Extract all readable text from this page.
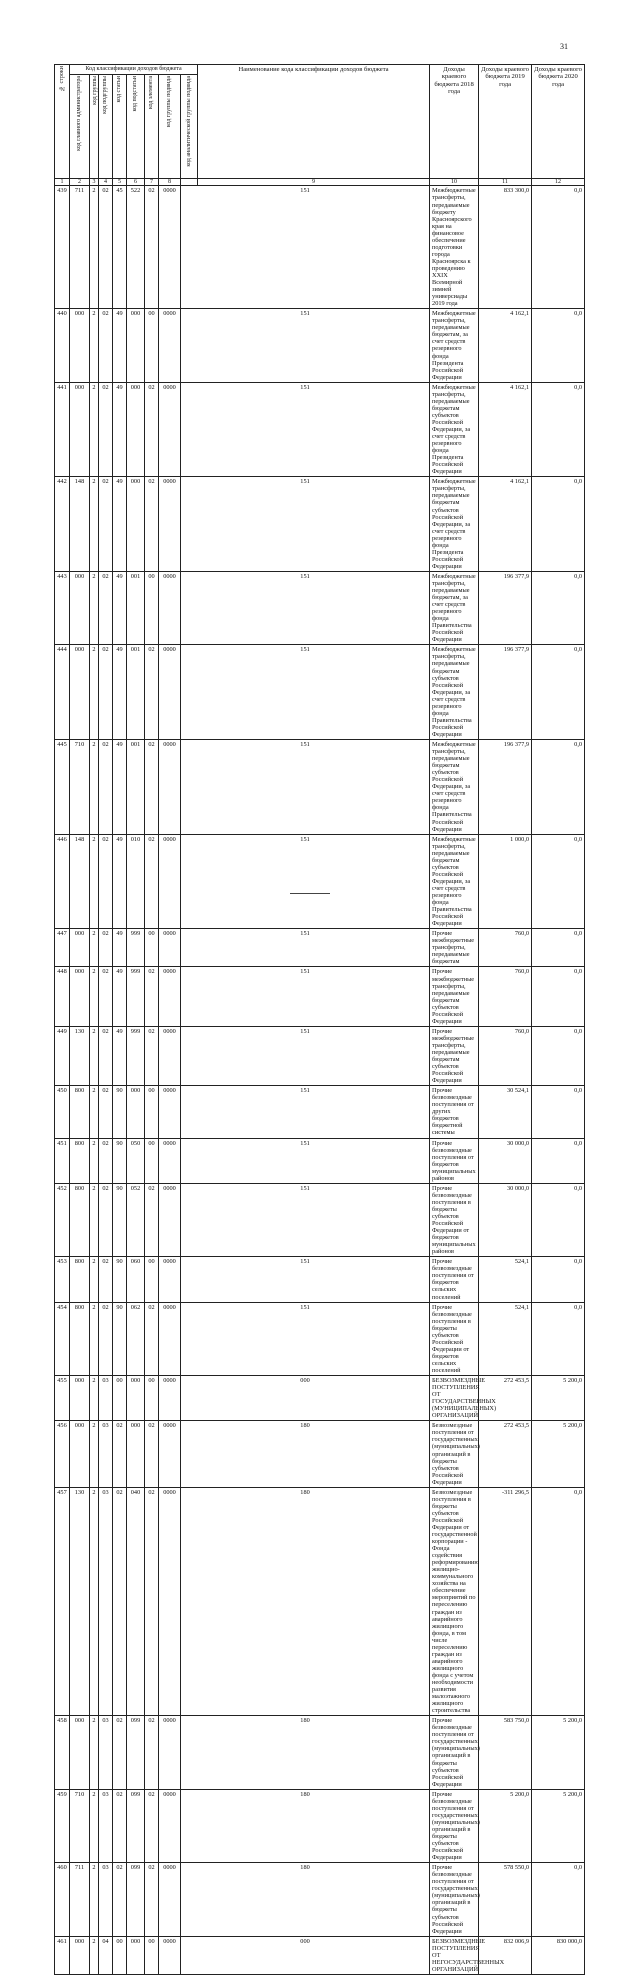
31
№ строки	Код классификации доходов бюджета								Наименование кода классификации доходов бюджета	Доходы краевого бюджета 2018 года	Доходы краевого бюджета 2019 года	Доходы краевого бюджета 2020 года	

	код главного администратора	код группы	код подгруппы	код статьи	код подстатьи	код элемента	код группы подвида	код аналитической группы подвида					

1	2	3	4	5	6	7	8		9	10	11	12	
439	711	2	02	45	522	02	0000	151		Межбюджетные трансферты, передаваемые бюджету Красноярского края на финансовое обеспечение подготовки города Красноярска к проведению XXIX Всемирной зимней универсиады 2019 года	833 300,0	0,0	
440	000	2	02	49	000	00	0000	151		Межбюджетные трансферты, передаваемые бюджетам, за счет средств резервного фонда Президента Российской Федерации	4 162,1	0,0	
441	000	2	02	49	000	02	0000	151		Межбюджетные трансферты, передаваемые бюджетам субъектов Российской Федерации, за счет средств резервного фонда Президента Российской Федерации	4 162,1	0,0	
442	148	2	02	49	000	02	0000	151		Межбюджетные трансферты, передаваемые бюджетам субъектов Российской Федерации, за счет средств резервного фонда Президента Российской Федерации	4 162,1	0,0	
443	000	2	02	49	001	00	0000	151		Межбюджетные трансферты, передаваемые бюджетам, за счет средств резервного фонда Правительства Российской Федерации	196 377,9	0,0	
444	000	2	02	49	001	02	0000	151		Межбюджетные трансферты, передаваемые бюджетам субъектов Российской Федерации, за счет средств резервного фонда Правительства Российской Федерации	196 377,9	0,0	
445	710	2	02	49	001	02	0000	151		Межбюджетные трансферты, передаваемые бюджетам субъектов Российской Федерации, за счет средств резервного фонда Правительства Российской Федерации	196 377,9	0,0	
446	148	2	02	49	010	02	0000	151		Межбюджетные трансферты, передаваемые бюджетам субъектов Российской Федерации, за счет средств резервного фонда Правительства Российской Федерации	1 000,0	0,0	
447	000	2	02	49	999	00	0000	151		Прочие межбюджетные трансферты, передаваемые бюджетам	760,0	0,0	
448	000	2	02	49	999	02	0000	151		Прочие межбюджетные трансферты, передаваемые бюджетам субъектов Российской Федерации	760,0	0,0	
449	130	2	02	49	999	02	0000	151		Прочие межбюджетные трансферты, передаваемые бюджетам субъектов Российской Федерации	760,0	0,0	
450	800	2	02	90	000	00	0000	151		Прочие безвозмездные поступления от других бюджетов бюджетной системы	30 524,1	0,0	
451	800	2	02	90	050	00	0000	151		Прочие безвозмездные поступления от бюджетов муниципальных районов	30 000,0	0,0	
452	800	2	02	90	052	02	0000	151		Прочие безвозмездные поступления в бюджеты субъектов Российской Федерации от бюджетов муниципальных районов	30 000,0	0,0	
453	800	2	02	90	060	00	0000	151		Прочие безвозмездные поступления от бюджетов сельских поселений	524,1	0,0	
454	800	2	02	90	062	02	0000	151		Прочие безвозмездные поступления в бюджеты субъектов Российской Федерации от бюджетов сельских поселений	524,1	0,0	
455	000	2	03	00	000	00	0000	000		БЕЗВОЗМЕЗДНЫЕ ПОСТУПЛЕНИЯ ОТ ГОСУДАРСТВЕННЫХ (МУНИЦИПАЛЬНЫХ) ОРГАНИЗАЦИЙ	272 453,5	5 200,0	
456	000	2	03	02	000	02	0000	180		Безвозмездные поступления от государственных (муниципальных) организаций в бюджеты субъектов Российской Федерации	272 453,5	5 200,0	
457	130	2	03	02	040	02	0000	180		Безвозмездные поступления в бюджеты субъектов Российской Федерации от государственной корпорации - Фонда содействия реформированию жилищно-коммунального хозяйства на обеспечение мероприятий по переселению граждан из аварийного жилищного фонда, в том числе переселению граждан из аварийного жилищного фонда с учетом необходимости развития малоэтажного жилищного строительства	-311 296,5	0,0	
458	000	2	03	02	099	02	0000	180		Прочие безвозмездные поступления от государственных (муниципальных) организаций в бюджеты субъектов Российской Федерации	583 750,0	5 200,0	
459	710	2	03	02	099	02	0000	180		Прочие безвозмездные поступления от государственных (муниципальных) организаций в бюджеты субъектов Российской Федерации	5 200,0	5 200,0	
460	711	2	03	02	099	02	0000	180		Прочие безвозмездные поступления от государственных (муниципальных) организаций в бюджеты субъектов Российской Федерации	578 550,0	0,0	
461	000	2	04	00	000	00	0000	000		БЕЗВОЗМЕЗДНЫЕ ПОСТУПЛЕНИЯ ОТ НЕГОСУДАРСТВЕННЫХ ОРГАНИЗАЦИЙ	832 006,9	830 000,0	
